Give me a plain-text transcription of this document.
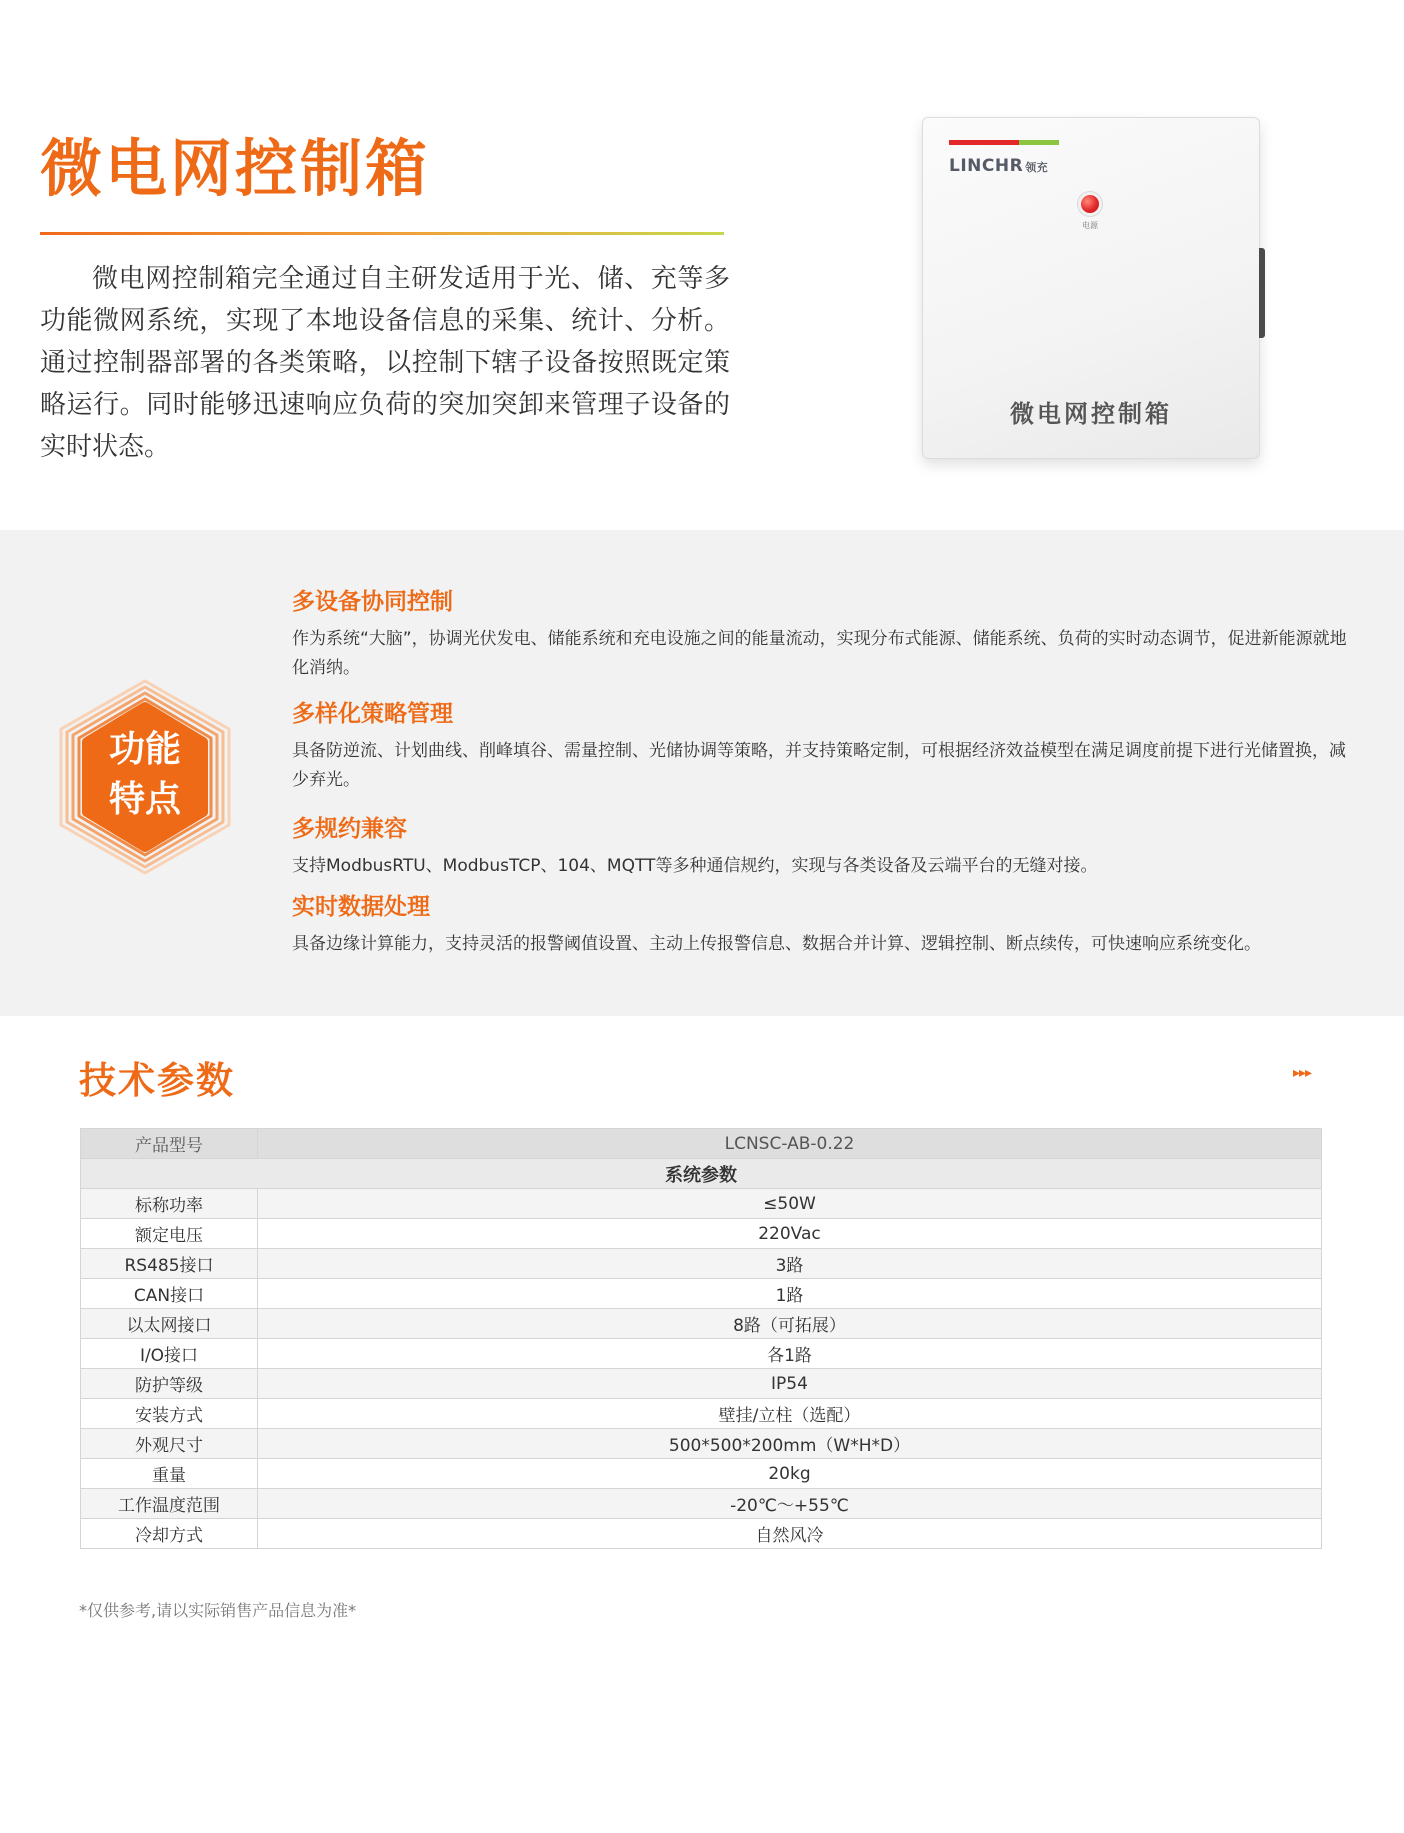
微电网控制箱

微电网控制箱完全通过自主研发适用于光、储、充等多功能微网系统，实现了本地设备信息的采集、统计、分析。通过控制器部署的各类策略，以控制下辖子设备按照既定策略运行。同时能够迅速响应负荷的突加突卸来管理子设备的实时状态。

LINCHR 领充
电源
微电网控制箱
功能
特点
多设备协同控制

作为系统“大脑”，协调光伏发电、储能系统和充电设施之间的能量流动，实现分布式能源、储能系统、负荷的实时动态调节，促进新能源就地化消纳。

多样化策略管理

具备防逆流、计划曲线、削峰填谷、需量控制、光储协调等策略，并支持策略定制，可根据经济效益模型在满足调度前提下进行光储置换，减少弃光。

多规约兼容

支持ModbusRTU、ModbusTCP、104、MQTT等多种通信规约，实现与各类设备及云端平台的无缝对接。

实时数据处理

具备边缘计算能力，支持灵活的报警阈值设置、主动上传报警信息、数据合并计算、逻辑控制、断点续传，可快速响应系统变化。

技术参数	▸▸▸
产品型号	LCNSC-AB-0.22
系统参数	
标称功率	≤50W
额定电压	220Vac
RS485接口	3路
CAN接口	1路
以太网接口	8路（可拓展）
I/O接口	各1路
防护等级	IP54
安装方式	壁挂/立柱（选配）
外观尺寸	500*500*200mm（W*H*D）
重量	20kg
工作温度范围	-20℃～+55℃
冷却方式	自然风冷

*仅供参考,请以实际销售产品信息为准*
